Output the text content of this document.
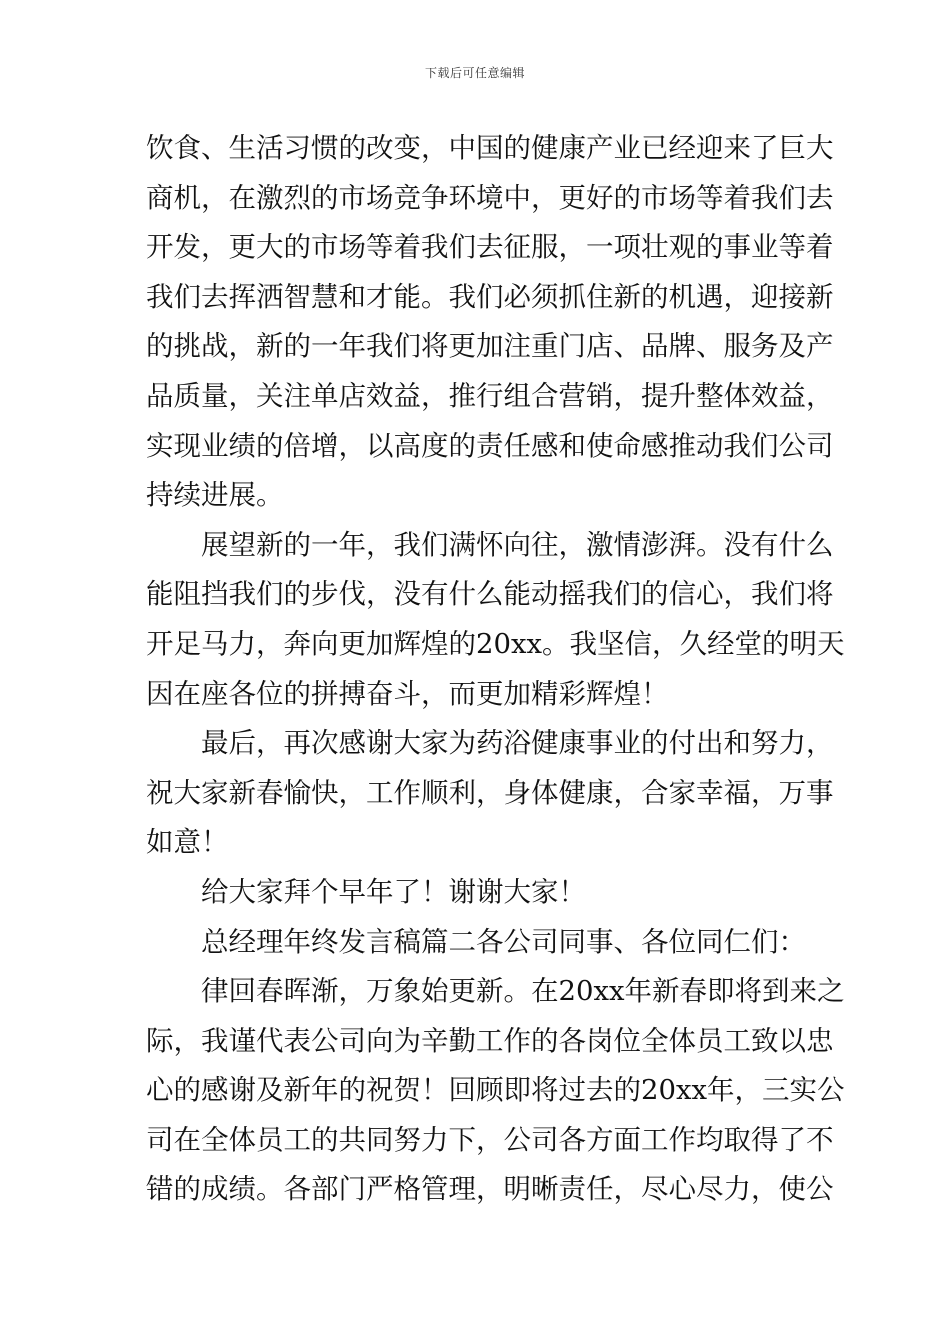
下载后可任意编辑
饮食、生活习惯的改变，中国的健康产业已经迎来了巨大
商机，在激烈的市场竞争环境中，更好的市场等着我们去
开发，更大的市场等着我们去征服，一项壮观的事业等着
我们去挥洒智慧和才能。我们必须抓住新的机遇，迎接新
的挑战，新的一年我们将更加注重门店、品牌、服务及产
品质量，关注单店效益，推行组合营销，提升整体效益，
实现业绩的倍增，以高度的责任感和使命感推动我们公司
持续进展。
展望新的一年，我们满怀向往，激情澎湃。没有什么
能阻挡我们的步伐，没有什么能动摇我们的信心，我们将
开足马力，奔向更加辉煌的20xx。我坚信，久经堂的明天
因在座各位的拼搏奋斗，而更加精彩辉煌！
最后，再次感谢大家为药浴健康事业的付出和努力，
祝大家新春愉快，工作顺利，身体健康，合家幸福，万事
如意！
给大家拜个早年了！谢谢大家！
总经理年终发言稿篇二各公司同事、各位同仁们：
律回春晖渐，万象始更新。在20xx年新春即将到来之
际，我谨代表公司向为辛勤工作的各岗位全体员工致以忠
心的感谢及新年的祝贺！回顾即将过去的20xx年，三实公
司在全体员工的共同努力下，公司各方面工作均取得了不
错的成绩。各部门严格管理，明晰责任，尽心尽力，使公
